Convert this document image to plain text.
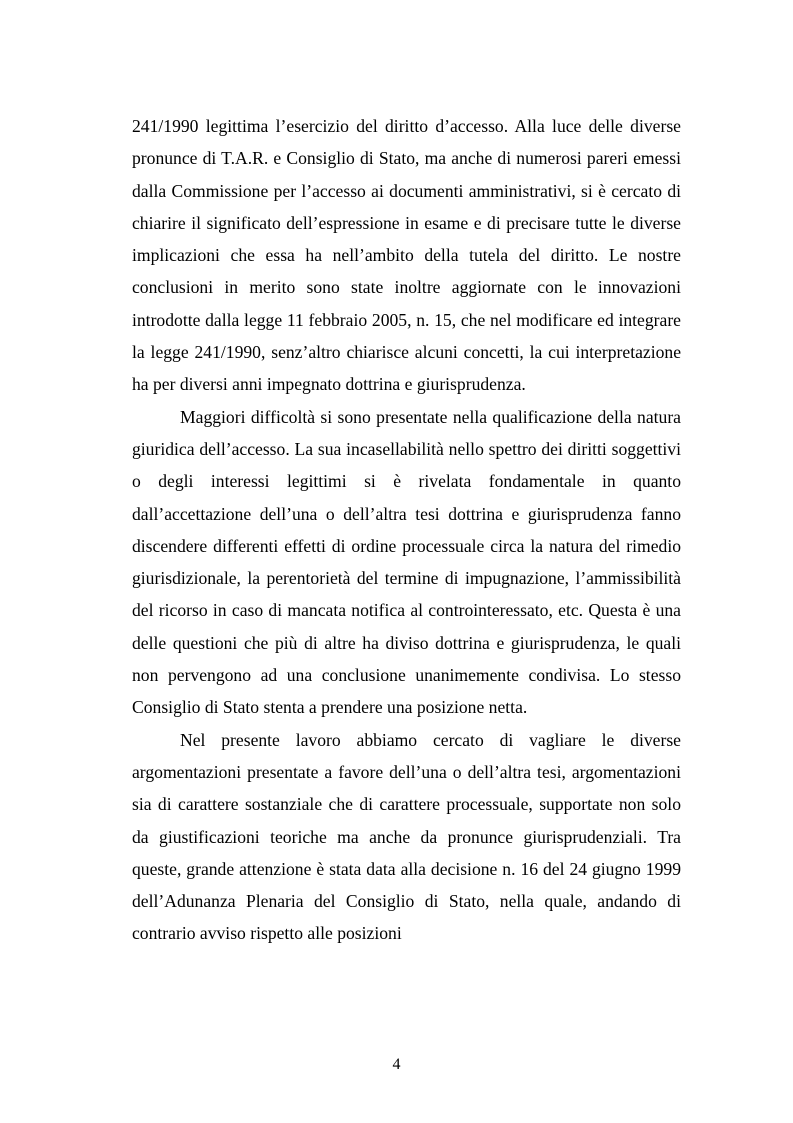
241/1990 legittima l’esercizio del diritto d’accesso. Alla luce delle diverse pronunce di T.A.R. e Consiglio di Stato, ma anche di numerosi pareri emessi dalla Commissione per l’accesso ai documenti amministrativi, si è cercato di chiarire il significato dell’espressione in esame e di precisare tutte le diverse implicazioni che essa ha nell’ambito della tutela del diritto. Le nostre conclusioni in merito sono state inoltre aggiornate con le innovazioni introdotte dalla legge 11 febbraio 2005, n. 15, che nel modificare ed integrare la legge 241/1990, senz’altro chiarisce alcuni concetti, la cui interpretazione ha per diversi anni impegnato dottrina e giurisprudenza.

Maggiori difficoltà si sono presentate nella qualificazione della natura giuridica dell’accesso. La sua incasellabilità nello spettro dei diritti soggettivi o degli interessi legittimi si è rivelata fondamentale in quanto dall’accettazione dell’una o dell’altra tesi dottrina e giurisprudenza fanno discendere differenti effetti di ordine processuale circa la natura del rimedio giurisdizionale, la perentorietà del termine di impugnazione, l’ammissibilità del ricorso in caso di mancata notifica al controinteressato, etc. Questa è una delle questioni che più di altre ha diviso dottrina e giurisprudenza, le quali non pervengono ad una conclusione unanimemente condivisa. Lo stesso Consiglio di Stato stenta a prendere una posizione netta.

Nel presente lavoro abbiamo cercato di vagliare le diverse argomentazioni presentate a favore dell’una o dell’altra tesi, argomentazioni sia di carattere sostanziale che di carattere processuale, supportate non solo da giustificazioni teoriche ma anche da pronunce giurisprudenziali. Tra queste, grande attenzione è stata data alla decisione n. 16 del 24 giugno 1999 dell’Adunanza Plenaria del Consiglio di Stato, nella quale, andando di contrario avviso rispetto alle posizioni

4
